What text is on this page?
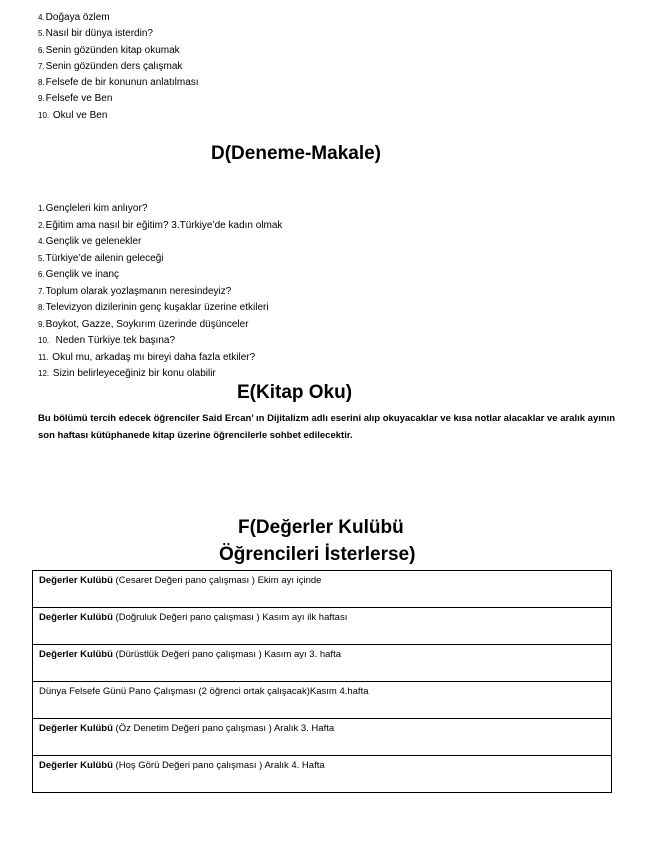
4.Doğaya özlem
5.Nasıl bir dünya isterdin?
6.Senin gözünden kitap okumak
7.Senin gözünden ders çalışmak
8.Felsefe de bir konunun anlatılması
9.Felsefe ve Ben
10. Okul ve Ben
D(Deneme-Makale)
1.Gençleleri kim anlıyor?
2.Eğitim ama nasıl bir eğitim? 3.Türkiye’de kadın olmak
4.Gençlik ve gelenekler
5.Türkiye’de ailenin geleceği
6.Gençlik ve inanç
7.Toplum olarak yozlaşmanın neresindeyiz?
8.Televizyon dizilerinin genç kuşaklar üzerine etkileri
9.Boykot, Gazze, Soykırım üzerinde düşünceler
10.  Neden Türkiye tek başına?
11. Okul mu, arkadaş mı bireyi daha fazla etkiler?
12. Sizin belirleyeceğiniz bir konu olabilir
E(Kitap Oku)

Bu bölümü tercih edecek öğrenciler Said Ercan’ ın Dijitalizm adlı eserini alıp okuyacaklar ve kısa notlar alacaklar ve aralık ayının son haftası kütüphanede kitap üzerine öğrencilerle sohbet edilecektir.

F(Değerler Kulübü
Öğrencileri İsterlerse)
Değerler Kulübü (Cesaret Değeri pano çalışması ) Ekim ayı içinde
Değerler Kulübü (Doğruluk Değeri pano çalışması ) Kasım ayı ilk haftası
Değerler Kulübü (Dürüstlük Değeri pano çalışması ) Kasım ayı 3. hafta
Dünya Felsefe Günü Pano Çalışması (2 öğrenci ortak çalışacak)Kasım 4.hafta
Değerler Kulübü (Öz Denetim Değeri pano çalışması ) Aralık 3. Hafta
Değerler Kulübü (Hoş Görü Değeri pano çalışması ) Aralık 4. Hafta
